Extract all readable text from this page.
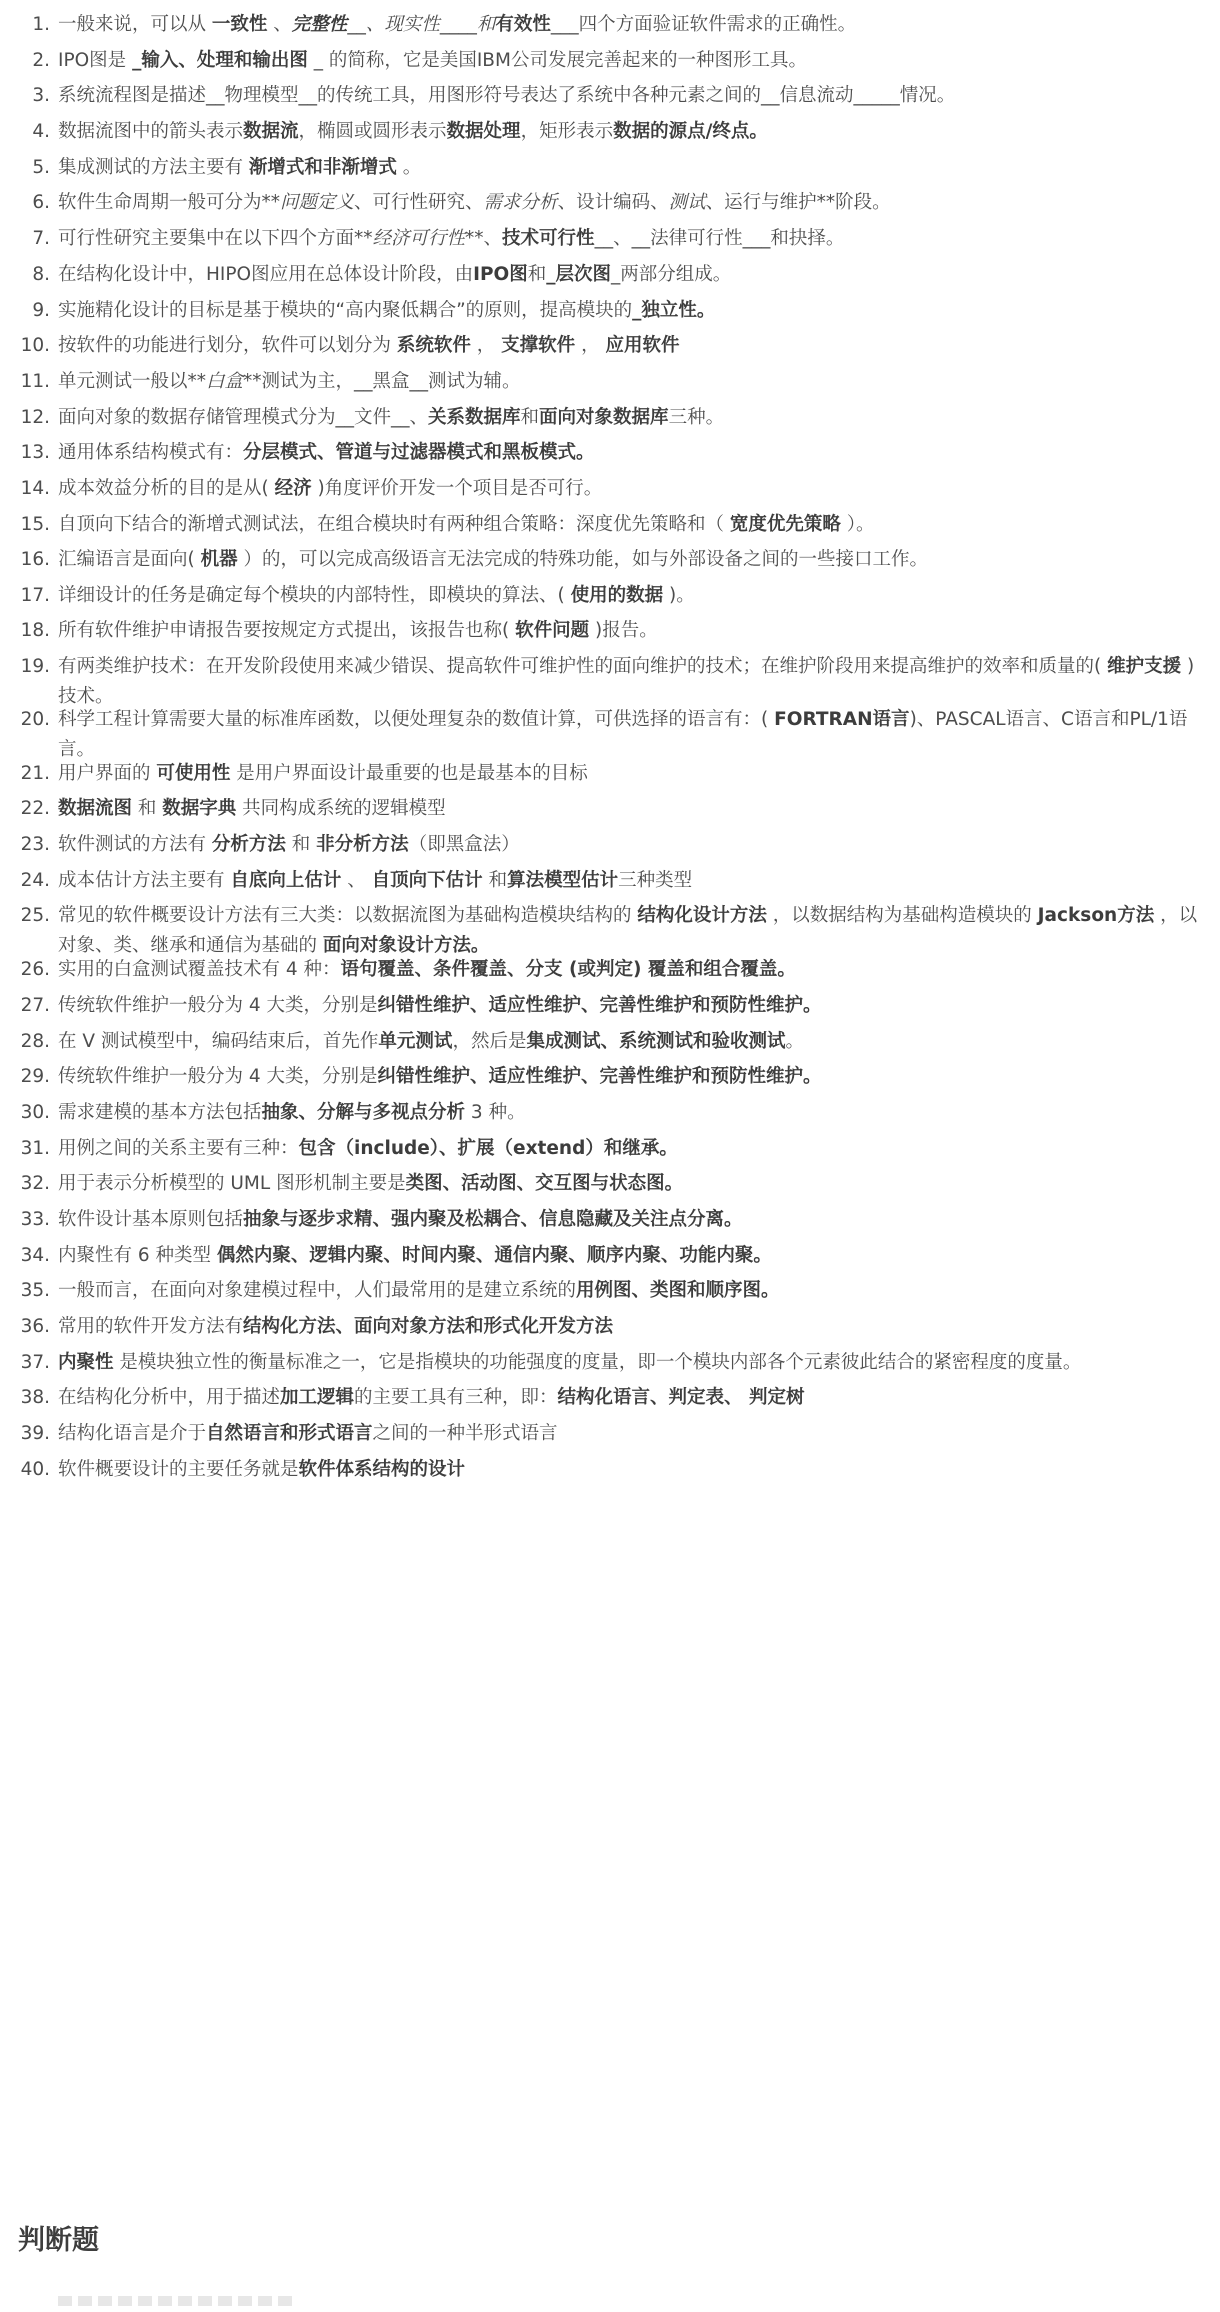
一般来说，可以从 一致性 、完整性__、现实性____和有效性___四个方面验证软件需求的正确性。
IPO图是 _输入、处理和输出图 _ 的简称，它是美国IBM公司发展完善起来的一种图形工具。
系统流程图是描述__物理模型__的传统工具，用图形符号表达了系统中各种元素之间的__信息流动_____情况。
数据流图中的箭头表示数据流，椭圆或圆形表示数据处理，矩形表示数据的源点/终点。
集成测试的方法主要有 渐增式和非渐增式 。
软件生命周期一般可分为**问题定义、可行性研究、需求分析、设计编码、测试、运行与维护**阶段。
可行性研究主要集中在以下四个方面**经济可行性**、技术可行性__、__法律可行性___和抉择。
在结构化设计中，HIPO图应用在总体设计阶段，由IPO图和_层次图_两部分组成。
实施精化设计的目标是基于模块的“高内聚低耦合”的原则，提高模块的_独立性。
按软件的功能进行划分，软件可以划分为 系统软件 ， 支撑软件 ， 应用软件
单元测试一般以**白盒**测试为主，__黑盒__测试为辅。
面向对象的数据存储管理模式分为__文件__、关系数据库和面向对象数据库三种。
通用体系结构模式有：分层模式、管道与过滤器模式和黑板模式。
成本效益分析的目的是从( 经济 )角度评价开发一个项目是否可行。
自顶向下结合的渐增式测试法，在组合模块时有两种组合策略：深度优先策略和（ 宽度优先策略 ）。
汇编语言是面向( 机器 ）的，可以完成高级语言无法完成的特殊功能，如与外部设备之间的一些接口工作。
详细设计的任务是确定每个模块的内部特性，即模块的算法、( 使用的数据 )。
所有软件维护申请报告要按规定方式提出，该报告也称( 软件问题 )报告。
有两类维护技术：在开发阶段使用来减少错误、提高软件可维护性的面向维护的技术；在维护阶段用来提高维护的效率和质量的( 维护支援 )技术。
科学工程计算需要大量的标准库函数，以便处理复杂的数值计算，可供选择的语言有：( FORTRAN语言)、PASCAL语言、C语言和PL/1语言。
用户界面的 可使用性 是用户界面设计最重要的也是最基本的目标
数据流图 和 数据字典 共同构成系统的逻辑模型
软件测试的方法有 分析方法 和 非分析方法（即黑盒法）
成本估计方法主要有 自底向上估计 、 自顶向下估计 和算法模型估计三种类型
常见的软件概要设计方法有三大类：以数据流图为基础构造模块结构的 结构化设计方法 ，以数据结构为基础构造模块的 Jackson方法 ，以对象、类、继承和通信为基础的 面向对象设计方法。
实用的白盒测试覆盖技术有 4 种：语句覆盖、条件覆盖、分支 (或判定) 覆盖和组合覆盖。
传统软件维护一般分为 4 大类，分别是纠错性维护、适应性维护、完善性维护和预防性维护。
在 V 测试模型中，编码结束后，首先作单元测试，然后是集成测试、系统测试和验收测试。
传统软件维护一般分为 4 大类，分别是纠错性维护、适应性维护、完善性维护和预防性维护。
需求建模的基本方法包括抽象、分解与多视点分析 3 种。
用例之间的关系主要有三种：包含（include）、扩展（extend）和继承。
用于表示分析模型的 UML 图形机制主要是类图、活动图、交互图与状态图。
软件设计基本原则包括抽象与逐步求精、强内聚及松耦合、信息隐藏及关注点分离。
内聚性有 6 种类型 偶然内聚、逻辑内聚、时间内聚、通信内聚、顺序内聚、功能内聚。
一般而言，在面向对象建模过程中，人们最常用的是建立系统的用例图、类图和顺序图。
常用的软件开发方法有结构化方法、面向对象方法和形式化开发方法
内聚性 是模块独立性的衡量标准之一，它是指模块的功能强度的度量，即一个模块内部各个元素彼此结合的紧密程度的度量。
在结构化分析中，用于描述加工逻辑的主要工具有三种，即：结构化语言、判定表、 判定树
结构化语言是介于自然语言和形式语言之间的一种半形式语言
软件概要设计的主要任务就是软件体系结构的设计
判断题
